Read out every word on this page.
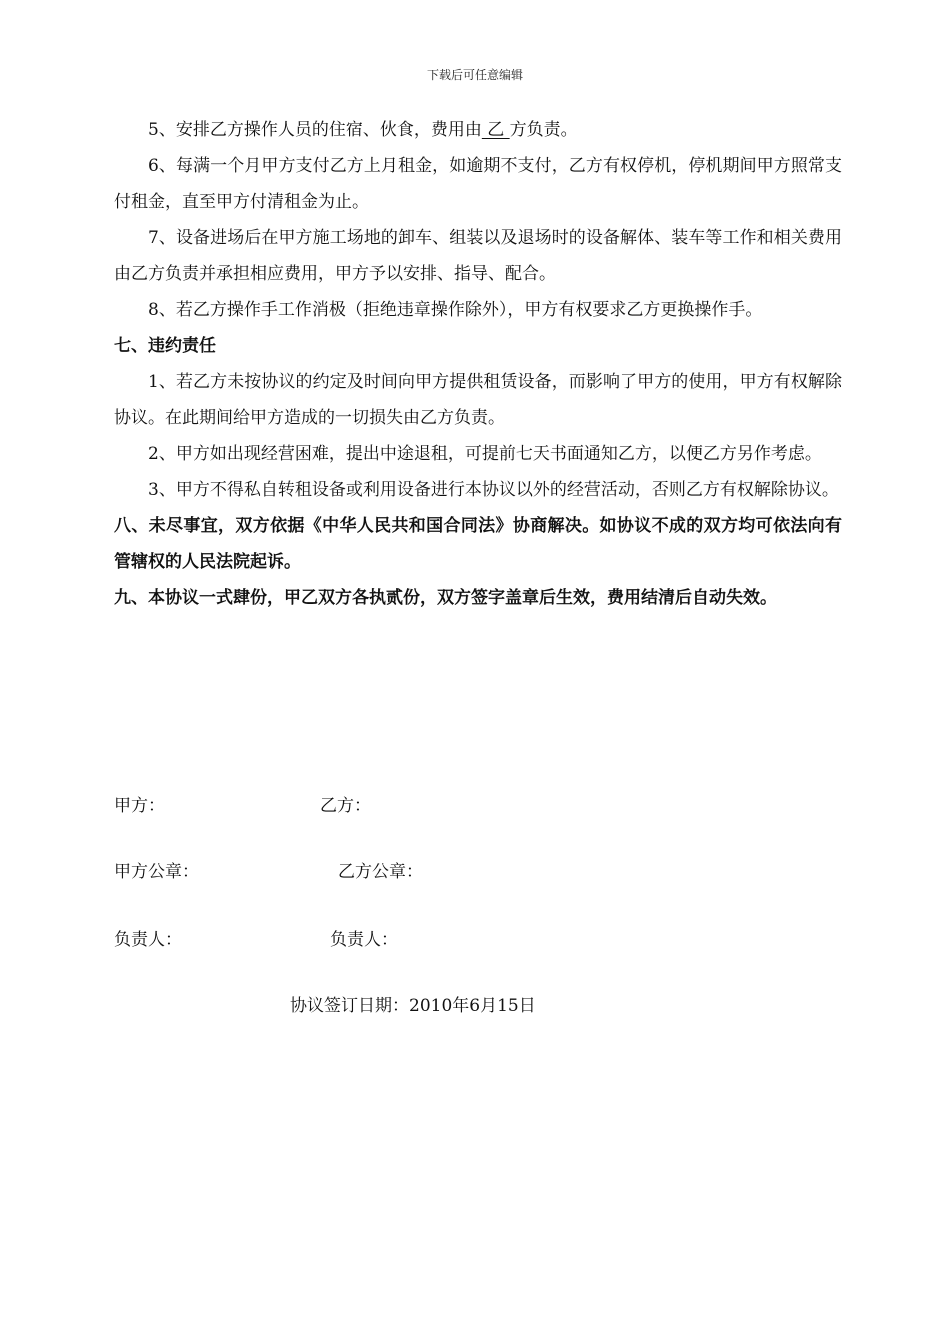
下载后可任意编辑

5、安排乙方操作人员的住宿、伙食，费用由 乙 方负责。

6、每满一个月甲方支付乙方上月租金，如逾期不支付，乙方有权停机，停机期间甲方照常支付租金，直至甲方付清租金为止。

7、设备进场后在甲方施工场地的卸车、组装以及退场时的设备解体、装车等工作和相关费用由乙方负责并承担相应费用，甲方予以安排、指导、配合。

8、若乙方操作手工作消极（拒绝违章操作除外），甲方有权要求乙方更换操作手。

七、违约责任

1、若乙方未按协议的约定及时间向甲方提供租赁设备，而影响了甲方的使用，甲方有权解除协议。在此期间给甲方造成的一切损失由乙方负责。

2、甲方如出现经营困难，提出中途退租，可提前七天书面通知乙方，以便乙方另作考虑。

3、甲方不得私自转租设备或利用设备进行本协议以外的经营活动，否则乙方有权解除协议。

八、未尽事宜，双方依据《中华人民共和国合同法》协商解决。如协议不成的双方均可依法向有管辖权的人民法院起诉。

九、本协议一式肆份，甲乙双方各执贰份，双方签字盖章后生效，费用结清后自动失效。

甲方：	乙方：
甲方公章：	乙方公章：
负责人：	负责人：
协议签订日期：2010年6月15日
